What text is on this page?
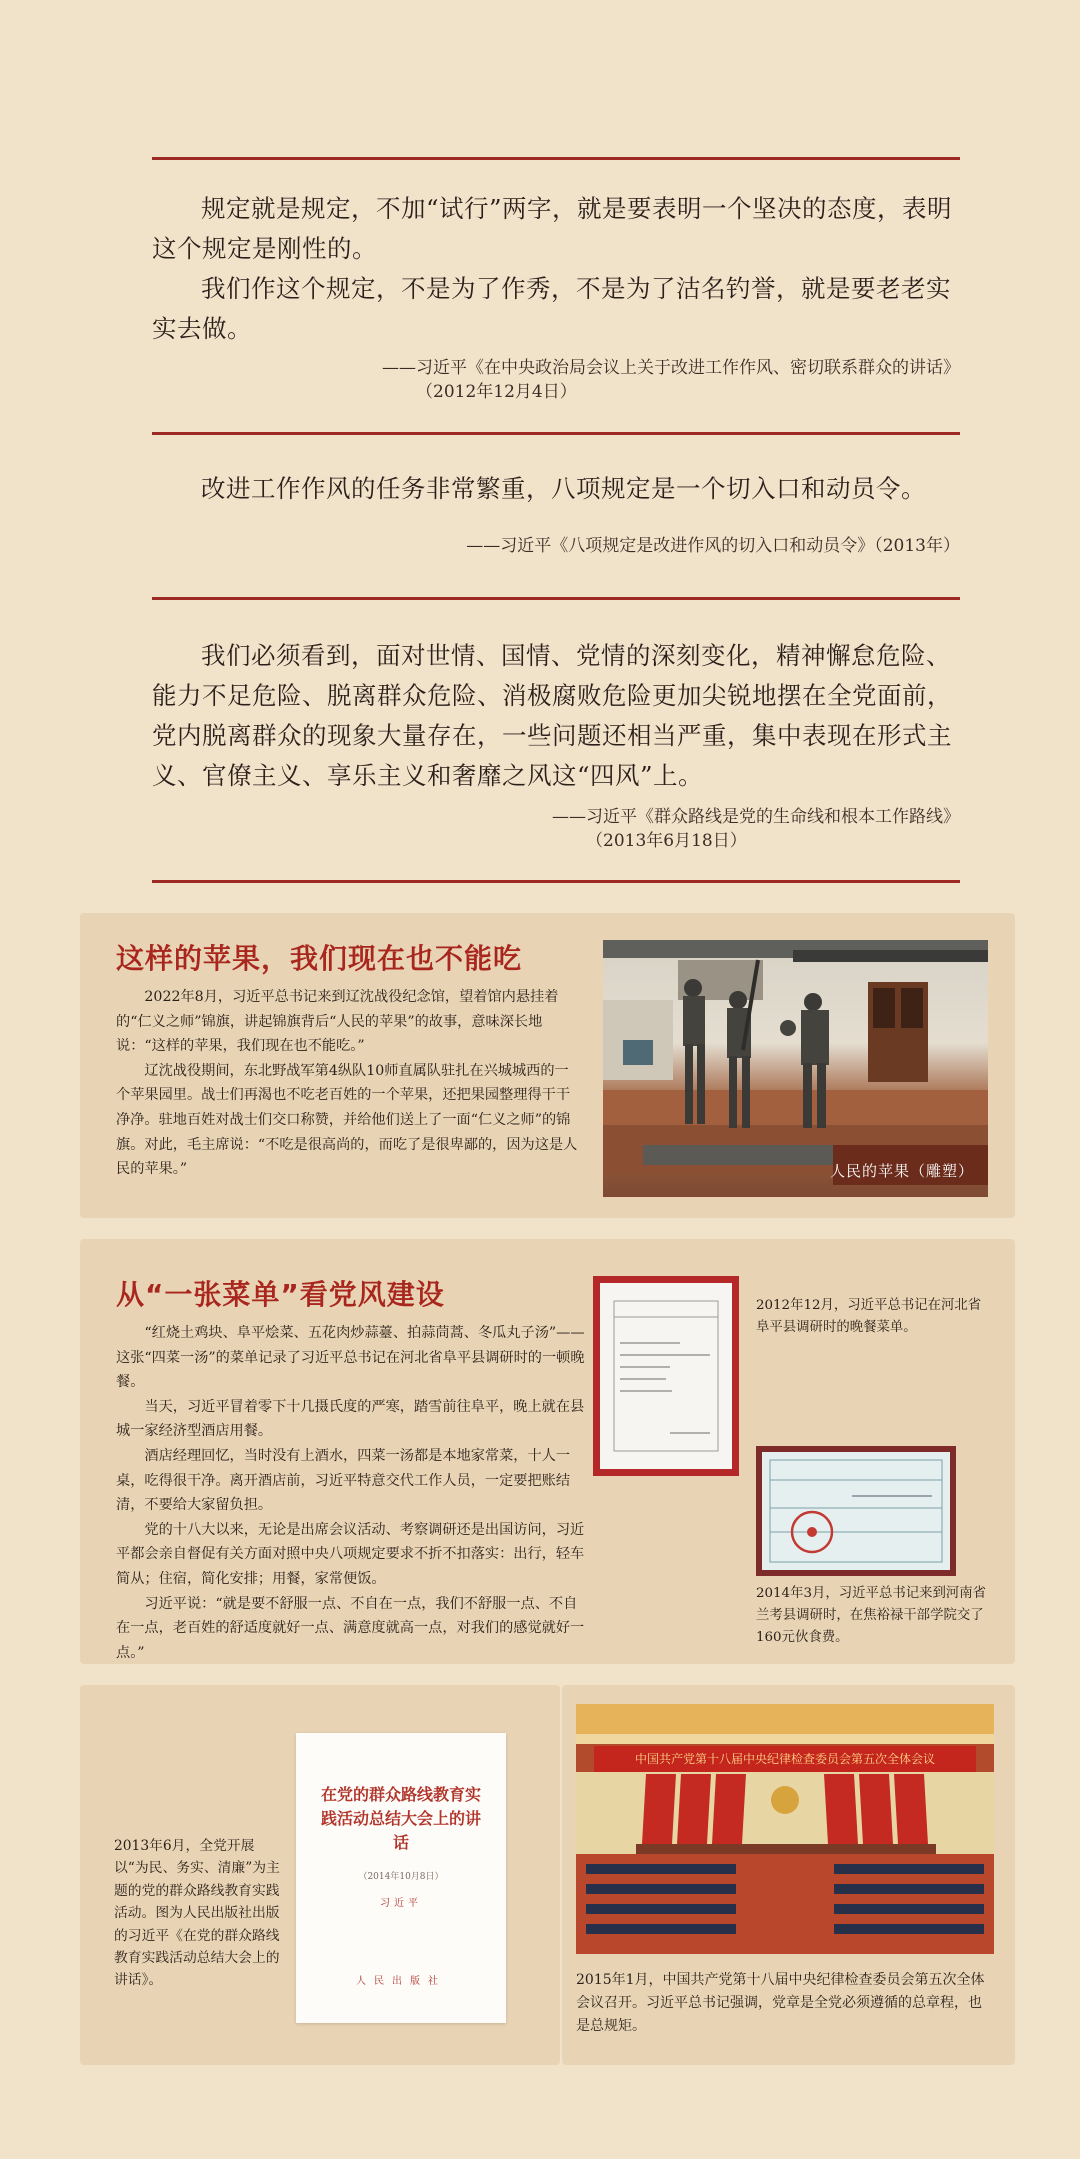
规定就是规定，不加“试行”两字，就是要表明一个坚决的态度，表明这个规定是刚性的。

我们作这个规定，不是为了作秀，不是为了沽名钓誉，就是要老老实实去做。

——习近平《在中央政治局会议上关于改进工作作风、密切联系群众的讲话》
（2012年12月4日）

改进工作作风的任务非常繁重，八项规定是一个切入口和动员令。

——习近平《八项规定是改进作风的切入口和动员令》（2013年）

我们必须看到，面对世情、国情、党情的深刻变化，精神懈怠危险、能力不足危险、脱离群众危险、消极腐败危险更加尖锐地摆在全党面前，党内脱离群众的现象大量存在，一些问题还相当严重，集中表现在形式主义、官僚主义、享乐主义和奢靡之风这“四风”上。

——习近平《群众路线是党的生命线和根本工作路线》
（2013年6月18日）
这样的苹果，我们现在也不能吃

2022年8月，习近平总书记来到辽沈战役纪念馆，望着馆内悬挂着的“仁义之师”锦旗，讲起锦旗背后“人民的苹果”的故事，意味深长地说：“这样的苹果，我们现在也不能吃。”

辽沈战役期间，东北野战军第4纵队10师直属队驻扎在兴城城西的一个苹果园里。战士们再渴也不吃老百姓的一个苹果，还把果园整理得干干净净。驻地百姓对战士们交口称赞，并给他们送上了一面“仁义之师”的锦旗。对此，毛主席说：“不吃是很高尚的，而吃了是很卑鄙的，因为这是人民的苹果。”	人民的苹果（雕塑）
从“一张菜单”看党风建设

“红烧土鸡块、阜平烩菜、五花肉炒蒜薹、拍蒜茼蒿、冬瓜丸子汤”——这张“四菜一汤”的菜单记录了习近平总书记在河北省阜平县调研时的一顿晚餐。

当天，习近平冒着零下十几摄氏度的严寒，踏雪前往阜平，晚上就在县城一家经济型酒店用餐。

酒店经理回忆，当时没有上酒水，四菜一汤都是本地家常菜，十人一桌，吃得很干净。离开酒店前，习近平特意交代工作人员，一定要把账结清，不要给大家留负担。

党的十八大以来，无论是出席会议活动、考察调研还是出国访问，习近平都会亲自督促有关方面对照中央八项规定要求不折不扣落实：出行，轻车简从；住宿，简化安排；用餐，家常便饭。

习近平说：“就是要不舒服一点、不自在一点，我们不舒服一点、不自在一点，老百姓的舒适度就好一点、满意度就高一点，对我们的感觉就好一点。”

2012年12月，习近平总书记在河北省阜平县调研时的晚餐菜单。
2014年3月，习近平总书记来到河南省兰考县调研时，在焦裕禄干部学院交了160元伙食费。
2013年6月，全党开展以“为民、务实、清廉”为主题的党的群众路线教育实践活动。图为人民出版社出版的习近平《在党的群众路线教育实践活动总结大会上的讲话》。
在党的群众路线教育实践活动总结大会上的讲话
（2014年10月8日）
习近平
人民出版社
中国共产党第十八届中央纪律检查委员会第五次全体会议
2015年1月，中国共产党第十八届中央纪律检查委员会第五次全体会议召开。习近平总书记强调，党章是全党必须遵循的总章程，也是总规矩。
